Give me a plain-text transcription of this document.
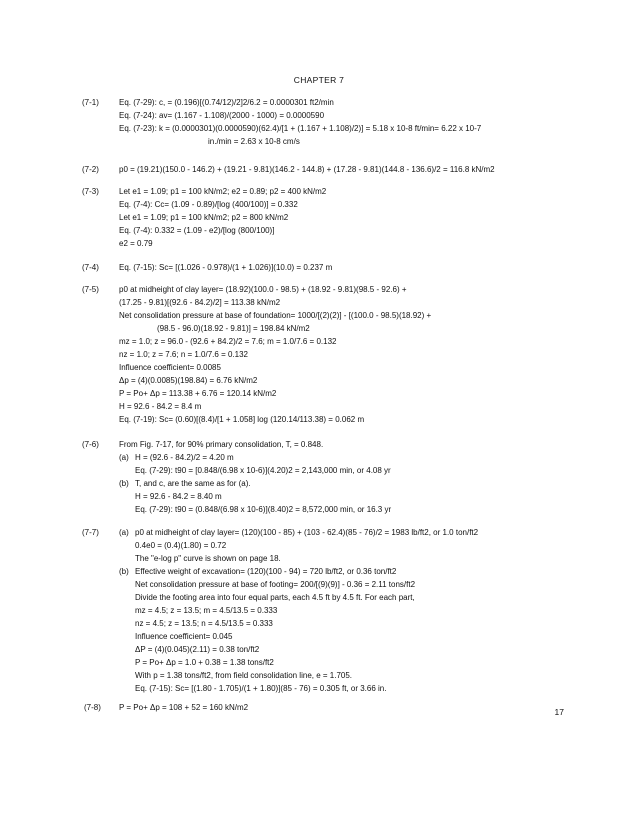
CHAPTER 7
(7-1)	Eq. (7-29): c, = (0.196)[(0.74/12)/2]2/6.2 = 0.0000301 ft2/min
Eq. (7-24): av= (1.167 - 1.108)/(2000 - 1000) = 0.0000590
Eq. (7-23): k = (0.0000301)(0.0000590)(62.4)/[1 + (1.167 + 1.108)/2)] = 5.18 x 10-8 ft/min= 6.22 x 10-7
in./min = 2.63 x 10-8 cm/s
(7-2)	p0 = (19.21)(150.0 - 146.2) + (19.21 - 9.81)(146.2 - 144.8) + (17.28 - 9.81)(144.8 - 136.6)/2 = 116.8 kN/m2
(7-3)	Let e1 = 1.09; p1 = 100 kN/m2; e2 = 0.89; p2 = 400 kN/m2
Eq. (7-4): Cc= (1.09 - 0.89)/[log (400/100)] = 0.332
Let e1 = 1.09; p1 = 100 kN/m2; p2 = 800 kN/m2
Eq. (7-4): 0.332 = (1.09 - e2)/[log (800/100)]
e2 = 0.79
(7-4)	Eq. (7-15): Sc= [(1.026 - 0.978)/(1 + 1.026)](10.0) = 0.237 m
(7-5)	p0 at midheight of clay layer= (18.92)(100.0 - 98.5) + (18.92 - 9.81)(98.5 - 92.6) +
(17.25 - 9.81)[(92.6 - 84.2)/2] = 113.38 kN/m2
Net consolidation pressure at base of foundation= 1000/[(2)(2)] - [(100.0 - 98.5)(18.92) +
(98.5 - 96.0)(18.92 - 9.81)] = 198.84 kN/m2
mz = 1.0; z = 96.0 - (92.6 + 84.2)/2 = 7.6; m = 1.0/7.6 = 0.132
nz = 1.0; z = 7.6; n = 1.0/7.6 = 0.132
Influence coefficient= 0.0085
Δp = (4)(0.0085)(198.84) = 6.76 kN/m2
P = Po+ Δp = 113.38 + 6.76 = 120.14 kN/m2
H = 92.6 - 84.2 = 8.4 m
Eq. (7-19): Sc= (0.60)[(8.4)/[1 + 1.058] log (120.14/113.38) = 0.062 m
(7-6)	From Fig. 7-17, for 90% primary consolidation, T, = 0.848.
(a) H = (92.6 - 84.2)/2 = 4.20 m
Eq. (7-29): t90 = [0.848/(6.98 x 10-6)](4.20)2 = 2,143,000 min, or 4.08 yr
(b) T, and c, are the same as for (a).
H = 92.6 - 84.2 = 8.40 m
Eq. (7-29): t90 = (0.848/(6.98 x 10-6)](8.40)2 = 8,572,000 min, or 16.3 yr
(7-7)	(a) p0 at midheight of clay layer= (120)(100 - 85) + (103 - 62.4)(85 - 76)/2 = 1983 lb/ft2, or 1.0 ton/ft2
0.4e0 = (0.4)(1.80) = 0.72
The "e-log p" curve is shown on page 18.
(b) Effective weight of excavation= (120)(100 - 94) = 720 lb/ft2, or 0.36 ton/ft2
Net consolidation pressure at base of footing= 200/[(9)(9)] - 0.36 = 2.11 tons/ft2
Divide the footing area into four equal parts, each 4.5 ft by 4.5 ft. For each part,
mz = 4.5; z = 13.5; m = 4.5/13.5 = 0.333
nz = 4.5; z = 13.5; n = 4.5/13.5 = 0.333
Influence coefficient= 0.045
ΔP = (4)(0.045)(2.11) = 0.38 ton/ft2
P = Po+ Δp = 1.0 + 0.38 = 1.38 tons/ft2
With p = 1.38 tons/ft2, from field consolidation line, e = 1.705.
Eq. (7-15): Sc= [(1.80 - 1.705)/(1 + 1.80)](85 - 76) = 0.305 ft, or 3.66 in.
(7-8) P = Po+ Δp = 108 + 52 = 160 kN/m2	17
